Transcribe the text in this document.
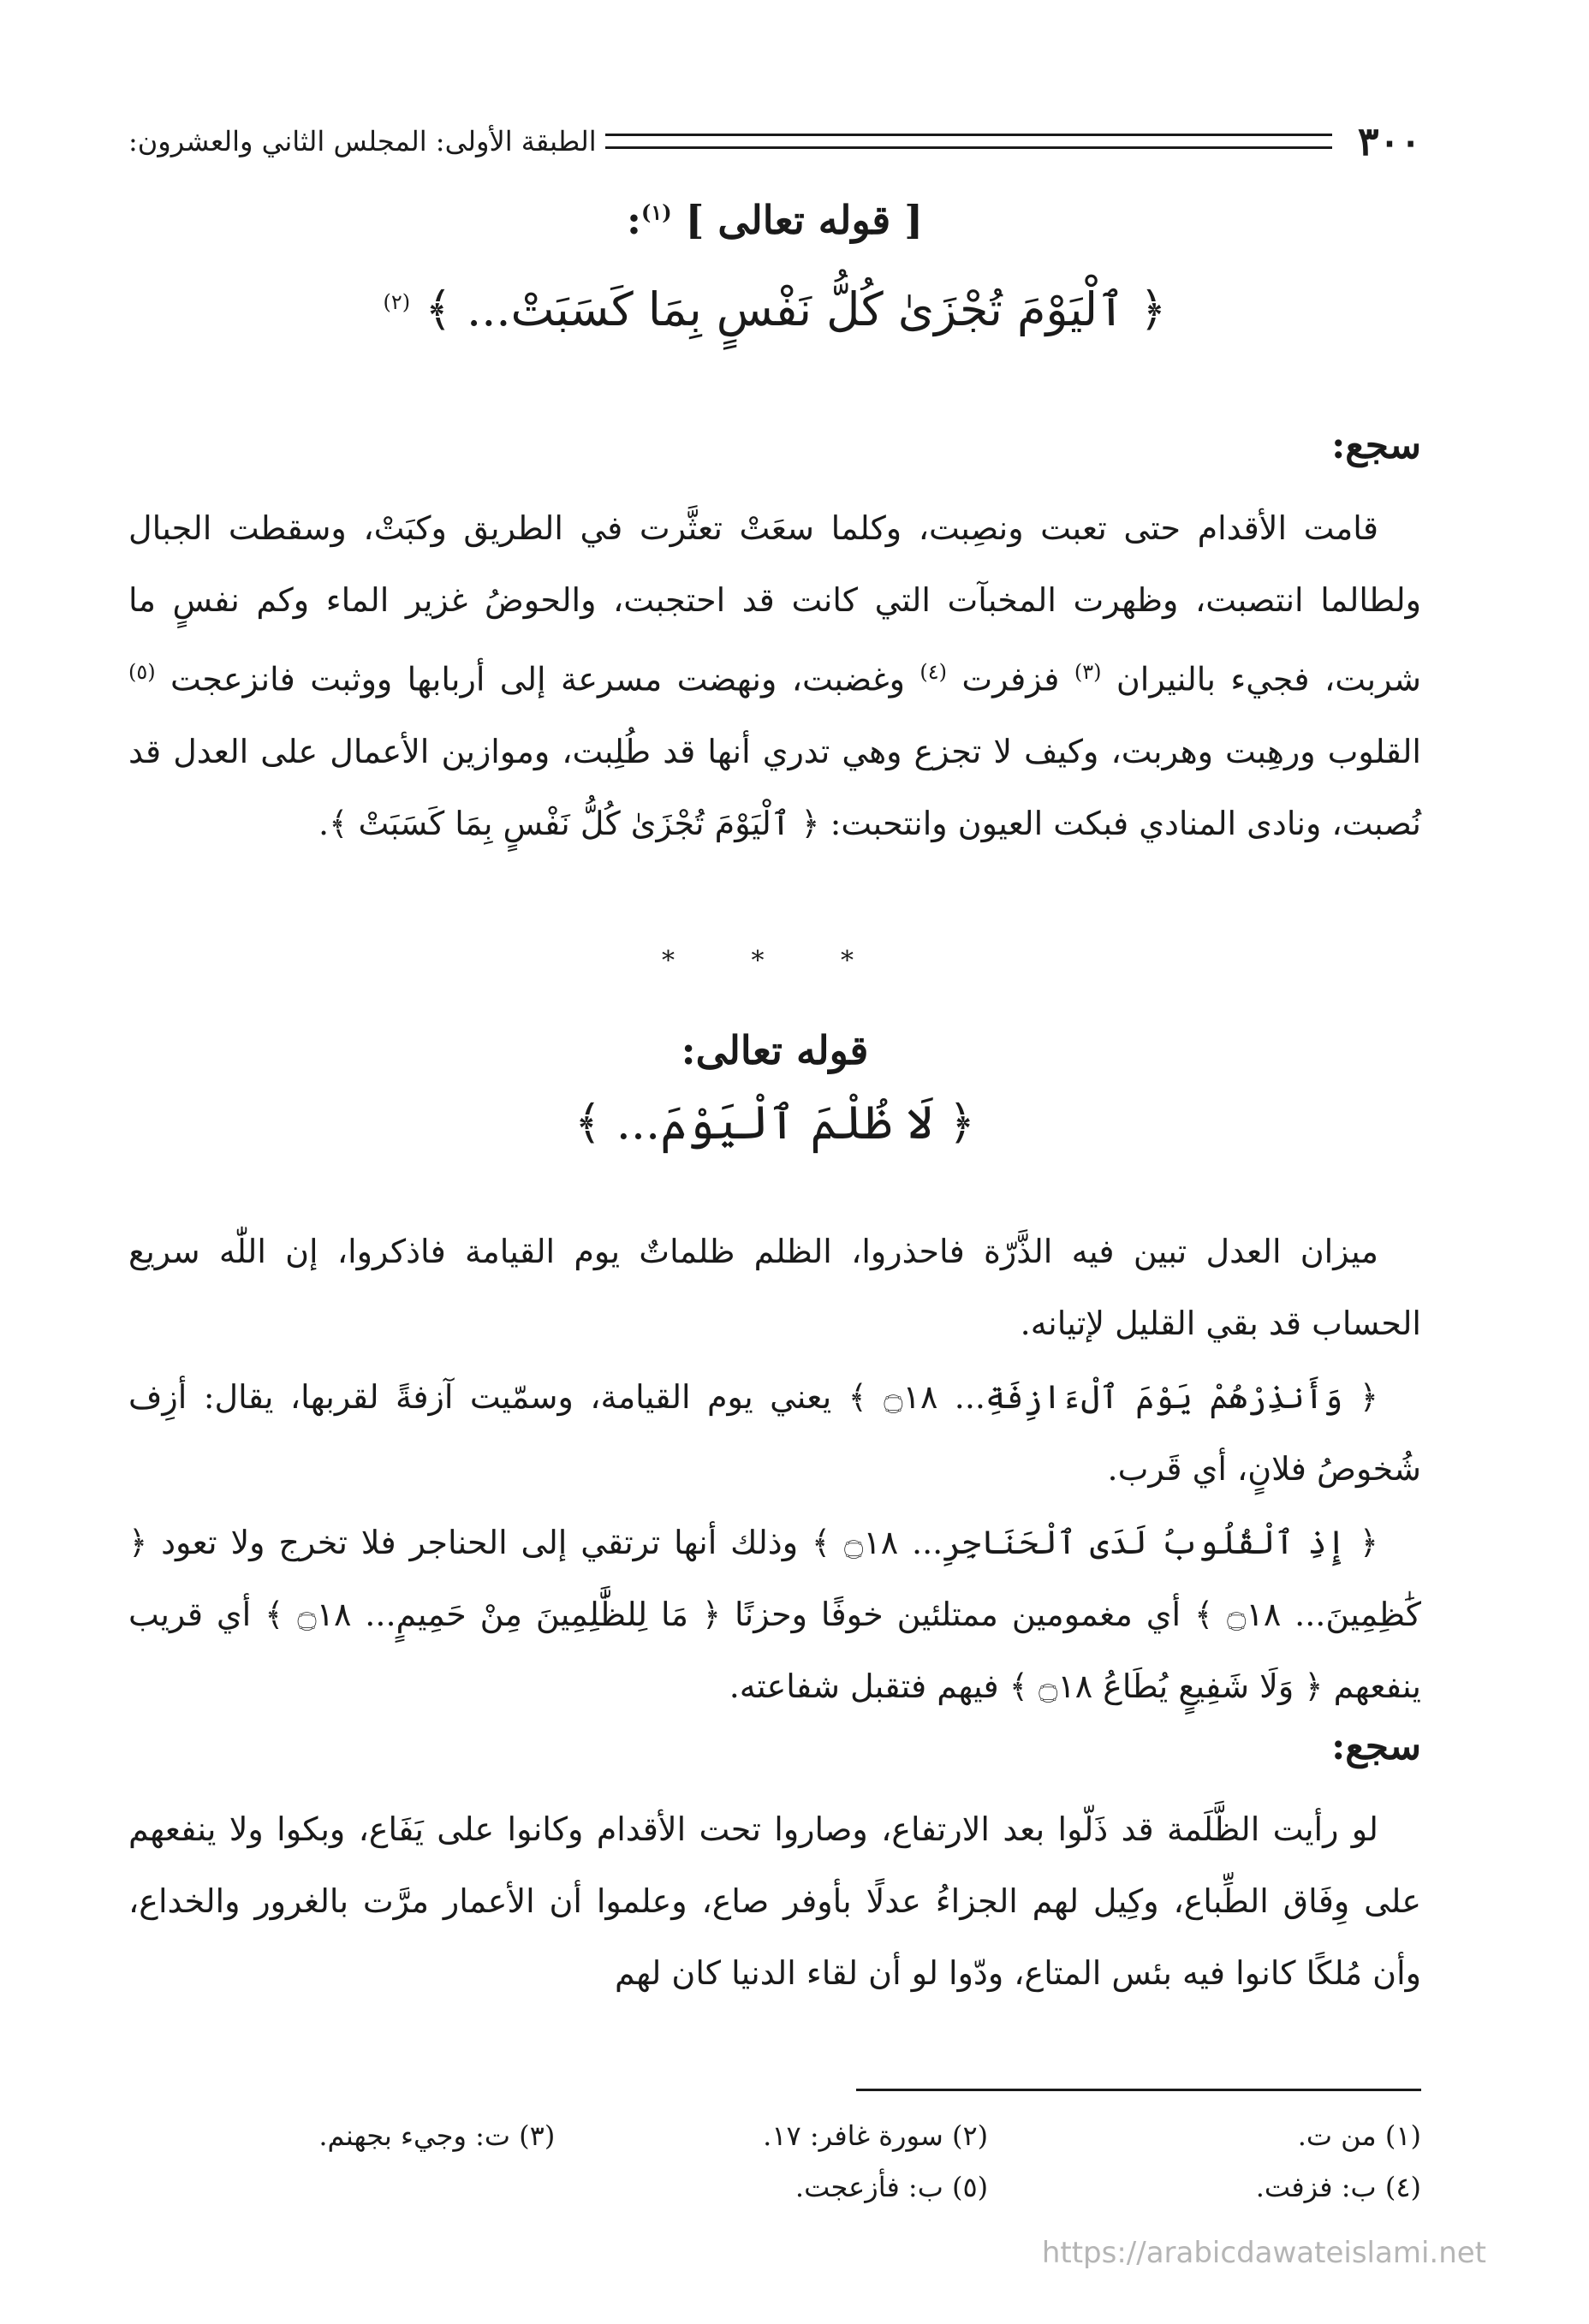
٣٠٠
الطبقة الأولى: المجلس الثاني والعشرون:
[ قوله تعالى ] $^{(١)}$:
﴿ ٱلْيَوْمَ تُجْزَىٰ كُلُّ نَفْسٍ بِمَا كَسَبَتْ... ﴾ $^{(٢)}$
سجع:
قامت الأقدام حتى تعبت ونصِبت، وكلما سعَتْ تعثَّرت في الطريق وكبَتْ، وسقطت الجبال ولطالما انتصبت، وظهرت المخبآت التي كانت قد احتجبت، والحوضُ غزير الماء وكم نفسٍ ما شربت، فجيء بالنيران $^{(٣)}$ فزفرت $^{(٤)}$ وغضبت، ونهضت مسرعة إلى أربابها ووثبت فانزعجت $^{(٥)}$ القلوب ورهِبت وهربت، وكيف لا تجزع وهي تدري أنها قد طُلِبت، وموازين الأعمال على العدل قد نُصبت، ونادى المنادي فبكت العيون وانتحبت: ﴿ ٱلْيَوْمَ تُجْزَىٰ كُلُّ نَفْسٍ بِمَا كَسَبَتْ ﴾.
* * *
قوله تعالى:
﴿ لَا ظُلْمَ ٱلْيَوْمَ... ﴾
ميزان العدل تبين فيه الذَّرّة فاحذروا، الظلم ظلماتٌ يوم القيامة فاذكروا، إن اللّٰه سريع الحساب قد بقي القليل لإتيانه.
﴿ وَأَنذِرْهُمْ يَوْمَ ٱلْءَازِفَةِ... ۝١٨ ﴾ يعني يوم القيامة، وسمّيت آزفةً لقربها، يقال: أزِف شُخوصُ فلانٍ، أي قَرب.
﴿ إِذِ ٱلْقُلُوبُ لَدَى ٱلْحَنَاجِرِ... ۝١٨ ﴾ وذلك أنها ترتقي إلى الحناجر فلا تخرج ولا تعود ﴿ كَٰظِمِينَ... ۝١٨ ﴾ أي مغمومين ممتلئين خوفًا وحزنًا ﴿ مَا لِلظَّٰلِمِينَ مِنْ حَمِيمٍ... ۝١٨ ﴾ أي قريب ينفعهم ﴿ وَلَا شَفِيعٍ يُطَاعُ ۝١٨ ﴾ فيهم فتقبل شفاعته.
سجع:
لو رأيت الظَّلَمة قد ذَلّوا بعد الارتفاع، وصاروا تحت الأقدام وكانوا على يَفَاع، وبكوا ولا ينفعهم على وِفَاق الطِّباع، وكِيل لهم الجزاءُ عدلًا بأوفر صاع، وعلموا أن الأعمار مرَّت بالغرور والخداع، وأن مُلكًا كانوا فيه بئس المتاع، ودّوا لو أن لقاء الدنيا كان لهم
(١) من ت.
(٢) سورة غافر: ١٧.
(٣) ت: وجيء بجهنم.
(٤) ب: فزفت.
(٥) ب: فأزعجت.
https://arabicdawateislami.net
